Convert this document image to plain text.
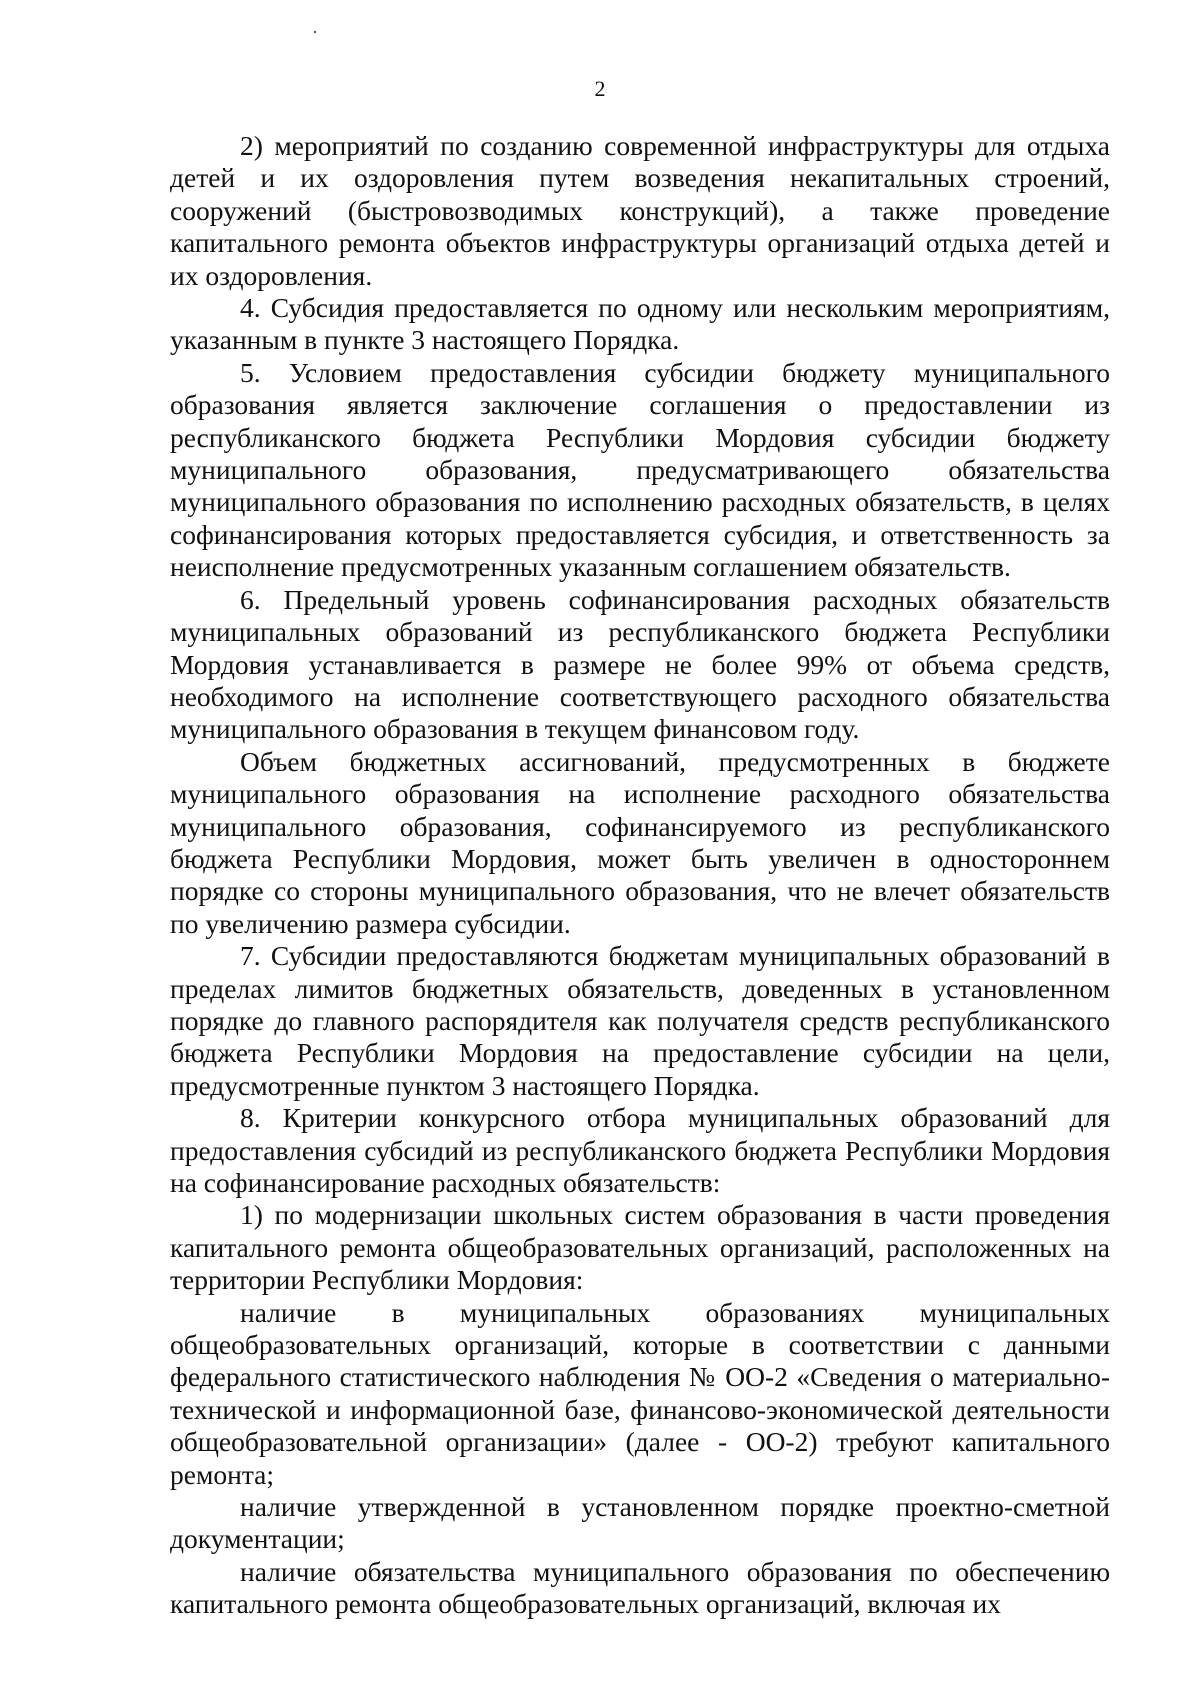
2

2) мероприятий по созданию современной инфраструктуры для отдыха детей и их оздоровления путем возведения некапитальных строений, сооружений (быстровозводимых конструкций), а также проведение капитального ремонта объектов инфраструктуры организаций отдыха детей и их оздоровления.

4. Субсидия предоставляется по одному или нескольким мероприятиям, указанным в пункте 3 настоящего Порядка.

5. Условием предоставления субсидии бюджету муниципального образования является заключение соглашения о предоставлении из республиканского бюджета Республики Мордовия субсидии бюджету муниципального образования, предусматривающего обязательства муниципального образования по исполнению расходных обязательств, в целях софинансирования которых предоставляется субсидия, и ответственность за неисполнение предусмотренных указанным соглашением обязательств.

6. Предельный уровень софинансирования расходных обязательств муниципальных образований из республиканского бюджета Республики Мордовия устанавливается в размере не более 99% от объема средств, необходимого на исполнение соответствующего расходного обязательства муниципального образования в текущем финансовом году.

Объем бюджетных ассигнований, предусмотренных в бюджете муниципального образования на исполнение расходного обязательства муниципального образования, софинансируемого из республиканского бюджета Республики Мордовия, может быть увеличен в одностороннем порядке со стороны муниципального образования, что не влечет обязательств по увеличению размера субсидии.

7. Субсидии предоставляются бюджетам муниципальных образований в пределах лимитов бюджетных обязательств, доведенных в установленном порядке до главного распорядителя как получателя средств республиканского бюджета Республики Мордовия на предоставление субсидии на цели, предусмотренные пунктом 3 настоящего Порядка.

8. Критерии конкурсного отбора муниципальных образований для предоставления субсидий из республиканского бюджета Республики Мордовия на софинансирование расходных обязательств:

1) по модернизации школьных систем образования в части проведения капитального ремонта общеобразовательных организаций, расположенных на территории Республики Мордовия:

наличие в муниципальных образованиях муниципальных общеобразовательных организаций, которые в соответствии с данными федерального статистического наблюдения № ОО-2 «Сведения о материально-технической и информационной базе, финансово-экономической деятельности общеобразовательной организации» (далее - ОО-2) требуют капитального ремонта;

наличие утвержденной в установленном порядке проектно-сметной документации;

наличие обязательства муниципального образования по обеспечению капитального ремонта общеобразовательных организаций, включая их
